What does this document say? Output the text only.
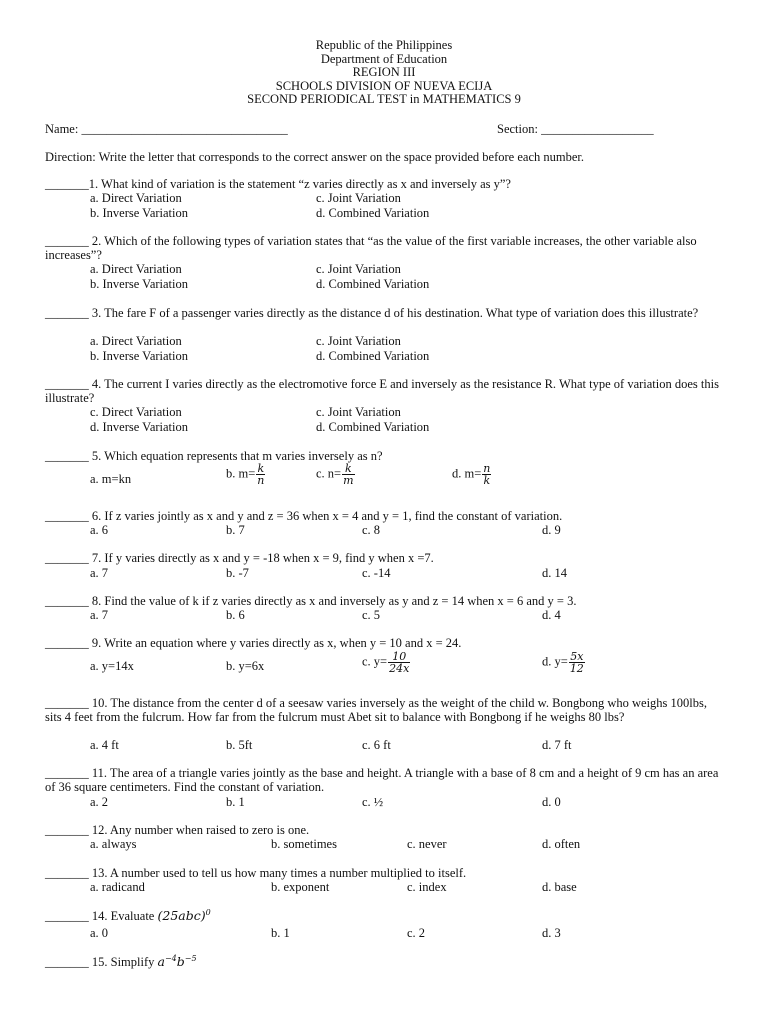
Republic of the Philippines
Department of Education
REGION III
SCHOOLS DIVISION OF NUEVA ECIJA
SECOND PERIODICAL TEST in MATHEMATICS 9
Name: _________________________________	Section: __________________
Direction: Write the letter that corresponds to the correct answer on the space provided before each number.
_______1. What kind of variation is the statement “z varies directly as x and inversely as y”?
a. Direct Variation
b. Inverse Variation
c. Joint Variation
d. Combined Variation
_______ 2. Which of the following types of variation states that “as the value of the first variable increases, the other variable also increases”?
a. Direct Variation
b. Inverse Variation
c. Joint Variation
d. Combined Variation
_______ 3. The fare F of a passenger varies directly as the distance d of his destination. What type of variation does this illustrate?
a. Direct Variation
b. Inverse Variation
c. Joint Variation
d. Combined Variation
_______ 4. The current I varies directly as the electromotive force E and inversely as the resistance R. What type of variation does this illustrate?
c. Direct Variation
d. Inverse Variation
c. Joint Variation
d. Combined Variation
_______ 5. Which equation represents that m varies inversely as n?
a. m=kn	b. $m= \frac{k}{n}$	c. $n= \frac{k}{m}$	d. $m= \frac{n}{k}$
_______ 6. If z varies jointly as x and y and z = 36 when x = 4 and y = 1, find the constant of variation.
a. 6	b. 7	c. 8	d. 9
_______ 7. If y varies directly as x and y = -18 when x = 9, find y when x =7.
a. 7	b. -7	c. -14	d. 14
_______ 8. Find the value of k if z varies directly as x and inversely as y and z = 14 when x = 6 and y = 3.
a. 7	b. 6	c. 5	d. 4
_______ 9. Write an equation where y varies directly as x, when y = 10 and x = 24.
a. y=14x	b. y=6x	c. $y= \frac{10}{24x}$	d. $y= \frac{5x}{12}$
_______ 10. The distance from the center d of a seesaw varies inversely as the weight of the child w. Bongbong who weighs 100lbs, sits 4 feet from the fulcrum. How far from the fulcrum must Abet sit to balance with Bongbong if he weighs 80 lbs?
a. 4 ft	b. 5ft	c. 6 ft	d. 7 ft
_______ 11. The area of a triangle varies jointly as the base and height. A triangle with a base of 8 cm and a height of 9 cm has an area of 36 square centimeters. Find the constant of variation.
a. 2	b. 1	c. ½	d. 0
_______ 12. Any number when raised to zero is one.
a. always	b. sometimes	c. never	d. often
_______ 13. A number used to tell us how many times a number multiplied to itself.
a. radicand	b. exponent	c. index	d. base
_______ 14. Evaluate $(25abc)^0$
a. 0	b. 1	c. 2	d. 3
_______ 15. Simplify $a^{-4}b^{-5}$
